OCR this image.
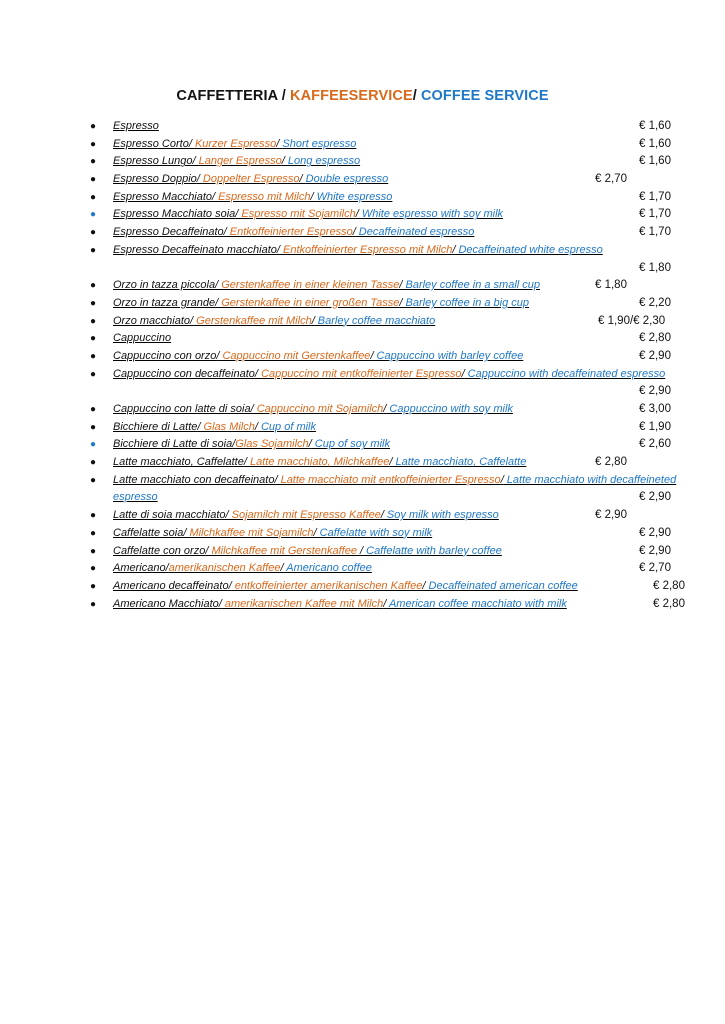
CAFFETTERIA / KAFFEESERVICE/ COFFEE SERVICE
●	Espresso	€ 1,60
●	Espresso Corto/ Kurzer Espresso/ Short espresso	€ 1,60
●	Espresso Lungo/ Langer Espresso/ Long espresso	€ 1,60
●	Espresso Doppio/ Doppelter Espresso/ Double espresso	€ 2,70
●	Espresso Macchiato/ Espresso mit Milch/ White espresso	€ 1,70
●	Espresso Macchiato soia/ Espresso mit Sojamilch/ White espresso with soy milk	€ 1,70
●	Espresso Decaffeinato/ Entkoffeinierter Espresso/ Decaffeinated espresso	€ 1,70
●	Espresso Decaffeinato macchiato/ Entkoffeinierter Espresso mit Milch/ Decaffeinated white espresso
€ 1,80
●	Orzo in tazza piccola/ Gerstenkaffee in einer kleinen Tasse/ Barley coffee in a small cup	€ 1,80
●	Orzo in tazza grande/ Gerstenkaffee in einer großen Tasse/ Barley coffee in a big cup	€ 2,20
●	Orzo macchiato/ Gerstenkaffee mit Milch/ Barley coffee macchiato	€ 1,90/€ 2,30
●	Cappuccino	€ 2,80
●	Cappuccino con orzo/ Cappuccino mit Gerstenkaffee/ Cappuccino with barley coffee	€ 2,90
●	Cappuccino con decaffeinato/ Cappuccino mit entkoffeinierter Espresso/ Cappuccino with decaffeinated espresso
€ 2,90
●	Cappuccino con latte di soia/ Cappuccino mit Sojamilch/ Cappuccino with soy milk	€ 3,00
●	Bicchiere di Latte/ Glas Milch/ Cup of milk	€ 1,90
●	Bicchiere di Latte di soia/Glas Sojamilch/ Cup of soy milk	€ 2,60
●	Latte macchiato, Caffelatte/ Latte macchiato, Milchkaffee/ Latte macchiato, Caffelatte	€ 2,80
●	Latte macchiato con decaffeinato/ Latte macchiato mit entkoffeinierter Espresso/ Latte macchiato with decaffeineted espresso	€ 2,90
●	Latte di soia macchiato/ Sojamilch mit Espresso Kaffee/ Soy milk with espresso	€ 2,90
●	Caffelatte soia/ Milchkaffee mit Sojamilch/ Caffelatte with soy milk	€ 2,90
●	Caffelatte con orzo/ Milchkaffee mit Gerstenkaffee / Caffelatte with barley coffee	€ 2,90
●	Americano/amerikanischen Kaffee/ Americano coffee	€ 2,70
●	Americano decaffeinato/ entkoffeinierter amerikanischen Kaffee/ Decaffeinated american coffee	€ 2,80
●	Americano Macchiato/ amerikanischen Kaffee mit Milch/ American coffee macchiato with milk	€ 2,80
